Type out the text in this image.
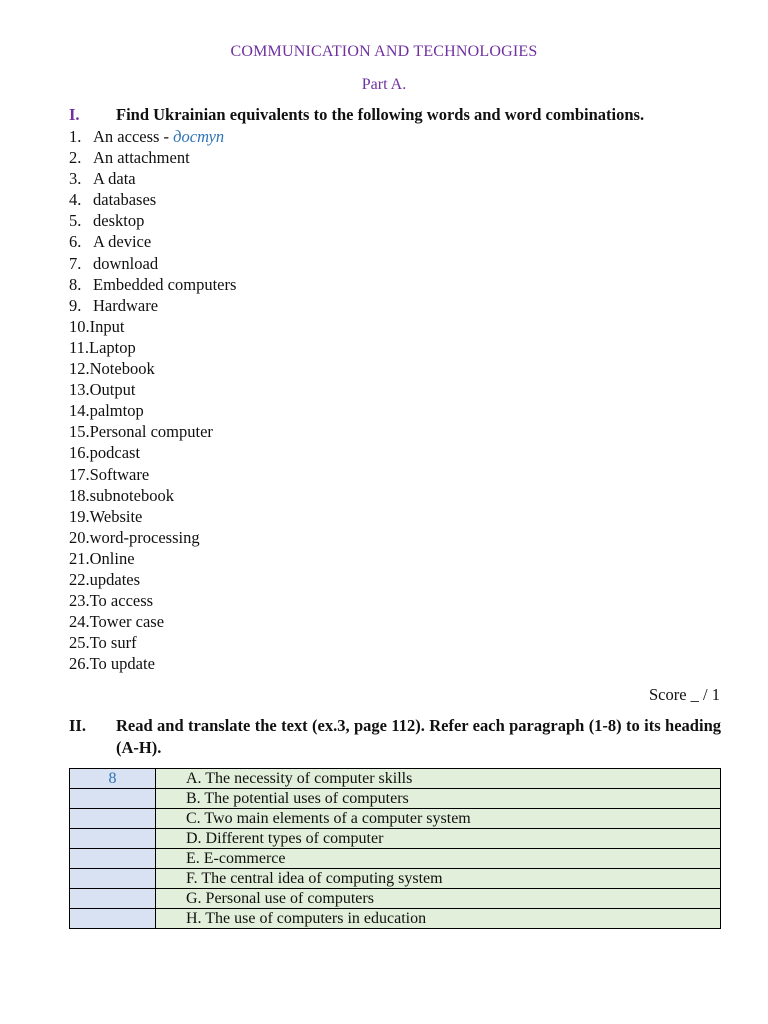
COMMUNICATION AND TECHNOLOGIES
Part A.
I. Find Ukrainian equivalents to the following words and word combinations.
1. An access - доступ
2. An attachment
3. A data
4. databases
5. desktop
6. A device
7. download
8. Embedded computers
9. Hardware
10.Input
11.Laptop
12.Notebook
13.Output
14.palmtop
15.Personal computer
16.podcast
17.Software
18.subnotebook
19.Website
20.word-processing
21.Online
22.updates
23.To access
24.Tower case
25.To surf
26.To update
Score _ / 1
II. Read and translate the text (ex.3, page 112). Refer each paragraph (1-8) to its heading (A-H).
8	A. The necessity of computer skills
	B. The potential uses of computers
	C. Two main elements of a computer system
	D. Different types of computer
	E. E-commerce
	F. The central idea of computing system
	G. Personal use of computers
	H. The use of computers in education
